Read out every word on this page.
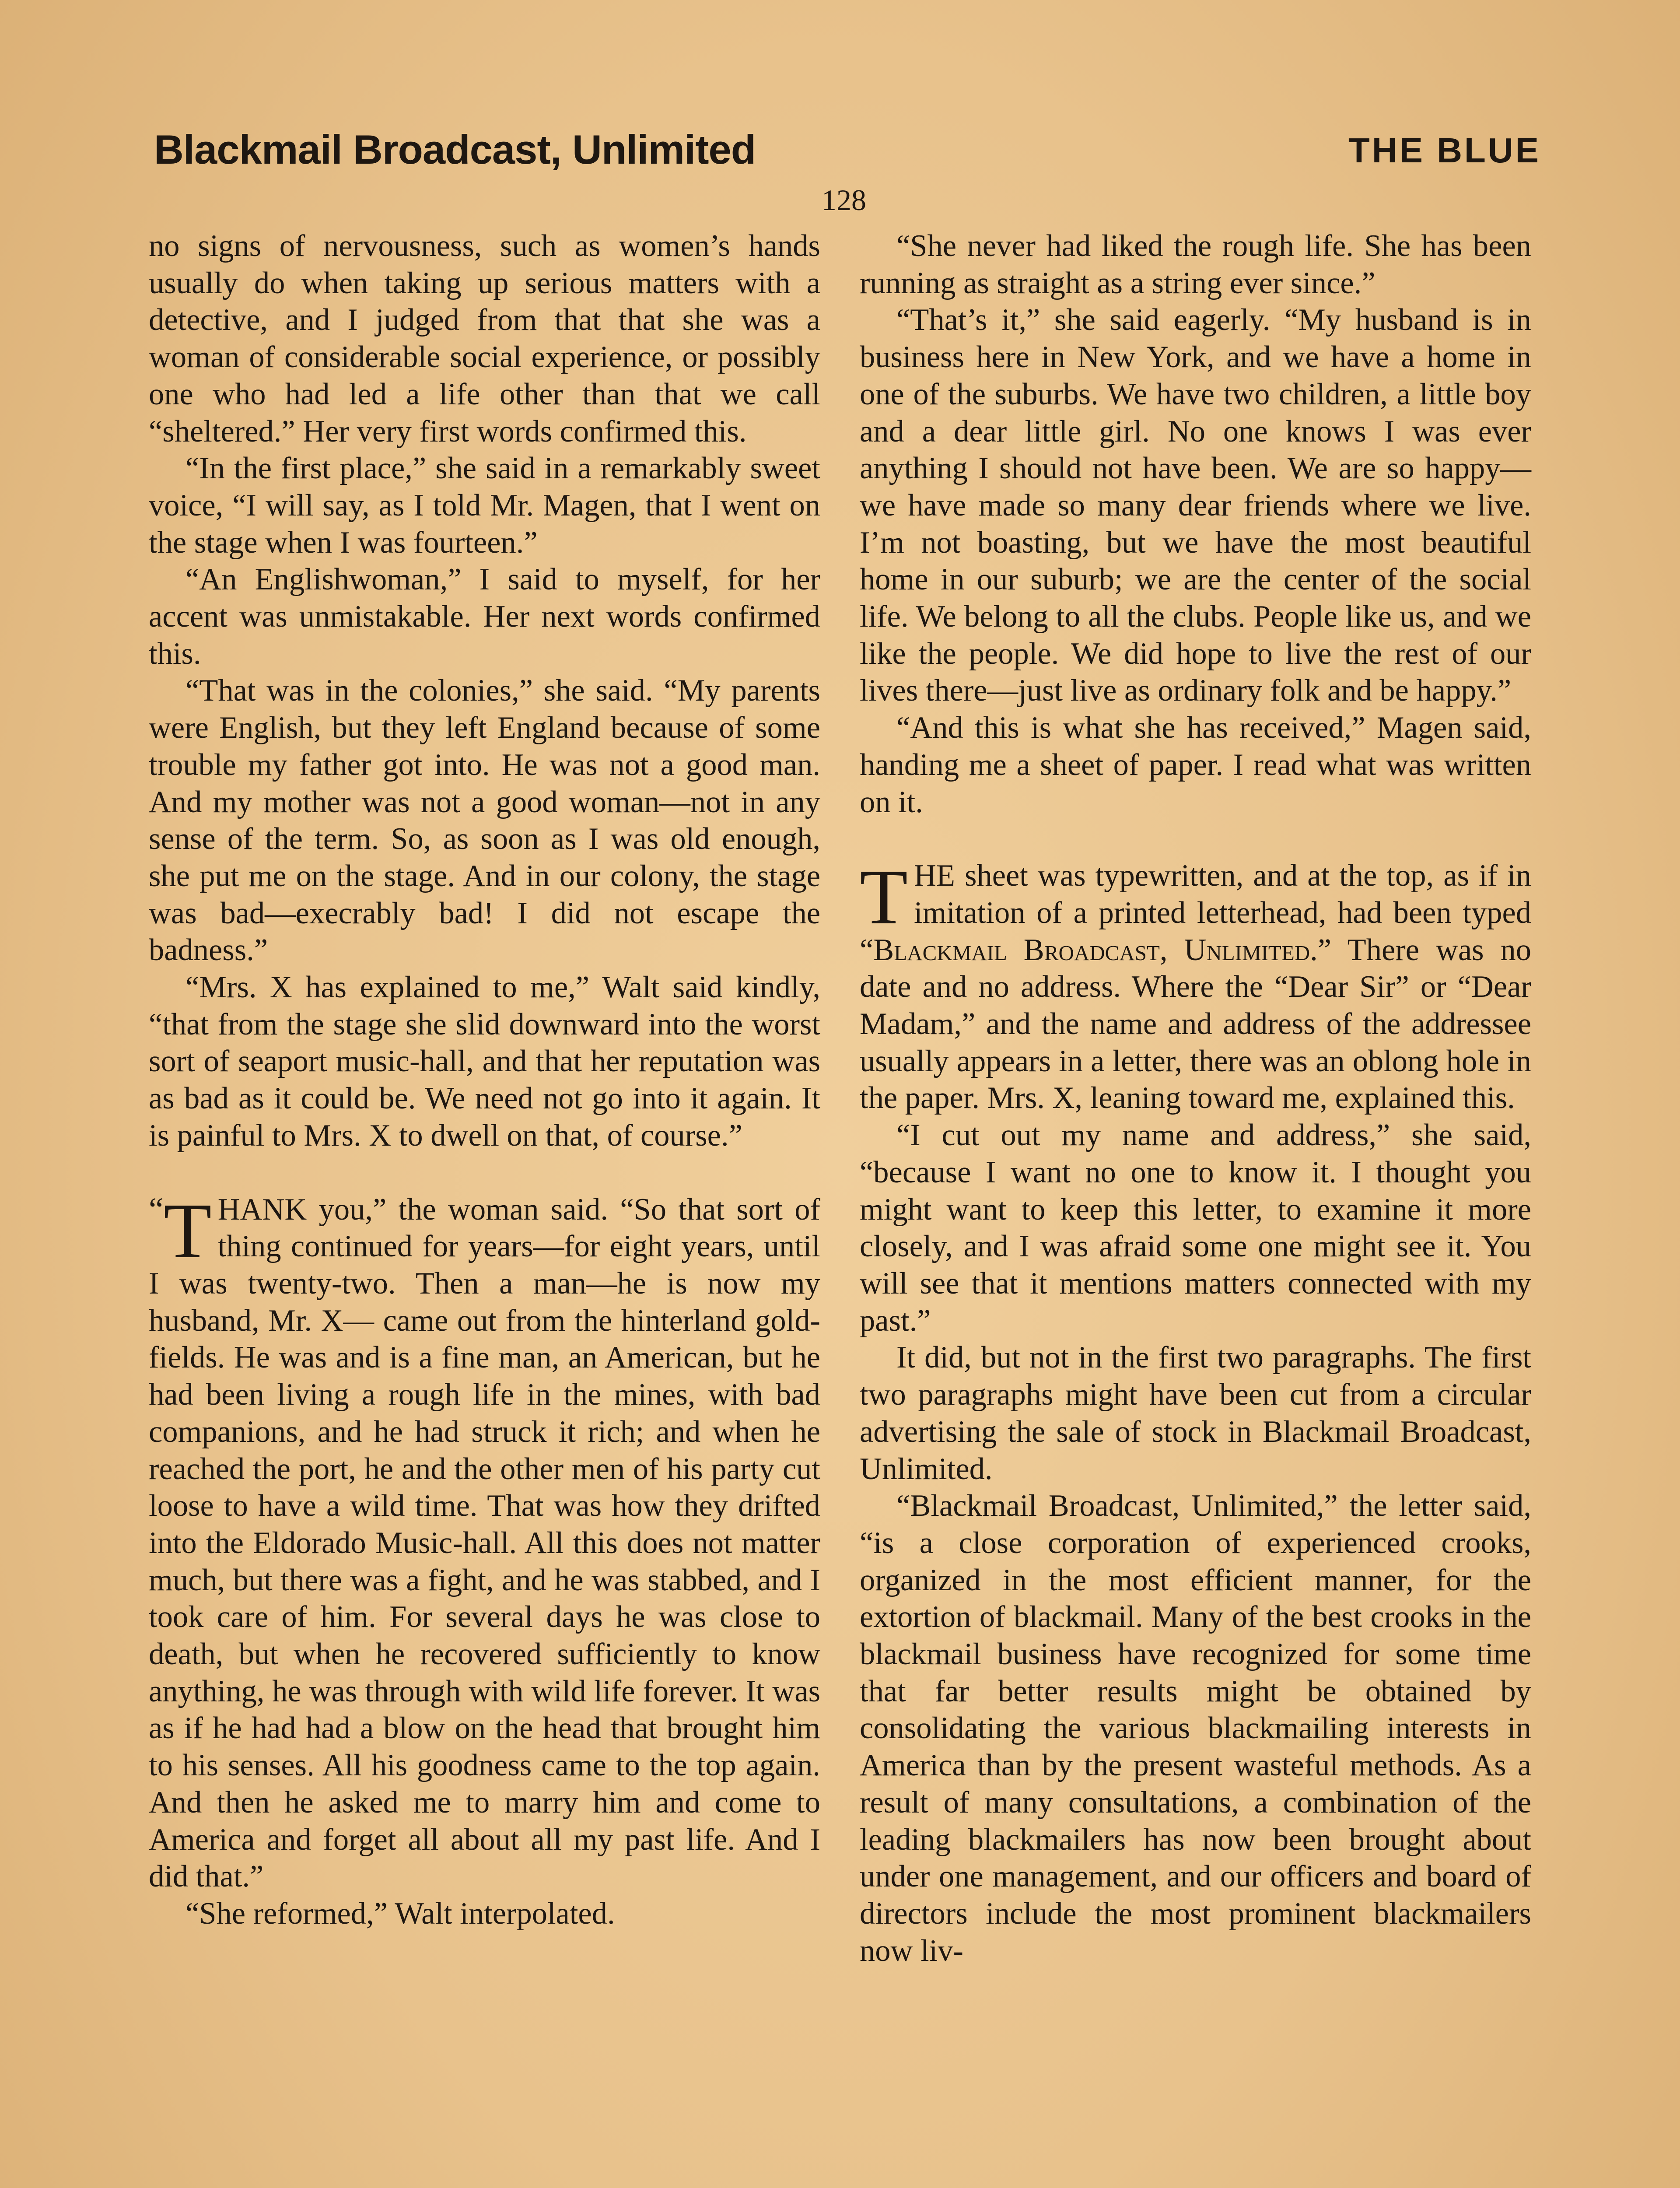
Blackmail Broadcast, Unlimited	THE BLUE
128

no signs of nervousness, such as women’s hands usually do when taking up serious matters with a detective, and I judged from that that she was a woman of considerable social experience, or possibly one who had led a life other than that we call “sheltered.” Her very first words confirmed this.

“In the first place,” she said in a remarkably sweet voice, “I will say, as I told Mr. Magen, that I went on the stage when I was fourteen.”

“An Englishwoman,” I said to myself, for her accent was unmistakable. Her next words confirmed this.

“That was in the colonies,” she said. “My parents were English, but they left England because of some trouble my father got into. He was not a good man. And my mother was not a good woman—not in any sense of the term. So, as soon as I was old enough, she put me on the stage. And in our colony, the stage was bad—execrably bad! I did not escape the badness.”

“Mrs. X has explained to me,” Walt said kindly, “that from the stage she slid downward into the worst sort of seaport music-hall, and that her reputation was as bad as it could be. We need not go into it again. It is painful to Mrs. X to dwell on that, of course.”

“ T HANK you,” the woman said. “So that sort of thing continued for years—for eight years, until I was twenty-two. Then a man—he is now my husband, Mr. X— came out from the hinterland gold-fields. He was and is a fine man, an American, but he had been living a rough life in the mines, with bad companions, and he had struck it rich; and when he reached the port, he and the other men of his party cut loose to have a wild time. That was how they drifted into the Eldorado Music-hall. All this does not matter much, but there was a fight, and he was stabbed, and I took care of him. For several days he was close to death, but when he recovered sufficiently to know anything, he was through with wild life forever. It was as if he had had a blow on the head that brought him to his senses. All his goodness came to the top again. And then he asked me to marry him and come to America and forget all about all my past life. And I did that.”

“She reformed,” Walt interpolated.

“She never had liked the rough life. She has been running as straight as a string ever since.”

“That’s it,” she said eagerly. “My husband is in business here in New York, and we have a home in one of the suburbs. We have two children, a little boy and a dear little girl. No one knows I was ever anything I should not have been. We are so happy—we have made so many dear friends where we live. I’m not boasting, but we have the most beautiful home in our suburb; we are the center of the social life. We belong to all the clubs. People like us, and we like the people. We did hope to live the rest of our lives there—just live as ordinary folk and be happy.”

“And this is what she has received,” Magen said, handing me a sheet of paper. I read what was written on it.

THE sheet was typewritten, and at the top, as if in imitation of a printed letterhead, had been typed “Blackmail Broadcast, Unlimited.” There was no date and no address. Where the “Dear Sir” or “Dear Madam,” and the name and address of the addressee usually appears in a letter, there was an oblong hole in the paper. Mrs. X, leaning toward me, explained this.

“I cut out my name and address,” she said, “because I want no one to know it. I thought you might want to keep this letter, to examine it more closely, and I was afraid some one might see it. You will see that it mentions matters connected with my past.”

It did, but not in the first two paragraphs. The first two paragraphs might have been cut from a circular advertising the sale of stock in Blackmail Broadcast, Unlimited.

“Blackmail Broadcast, Unlimited,” the letter said, “is a close corporation of experienced crooks, organized in the most efficient manner, for the extortion of blackmail. Many of the best crooks in the blackmail business have recognized for some time that far better results might be obtained by consolidating the various blackmailing interests in America than by the present wasteful methods. As a result of many consultations, a combination of the leading blackmailers has now been brought about under one management, and our officers and board of directors include the most prominent blackmailers now liv-
